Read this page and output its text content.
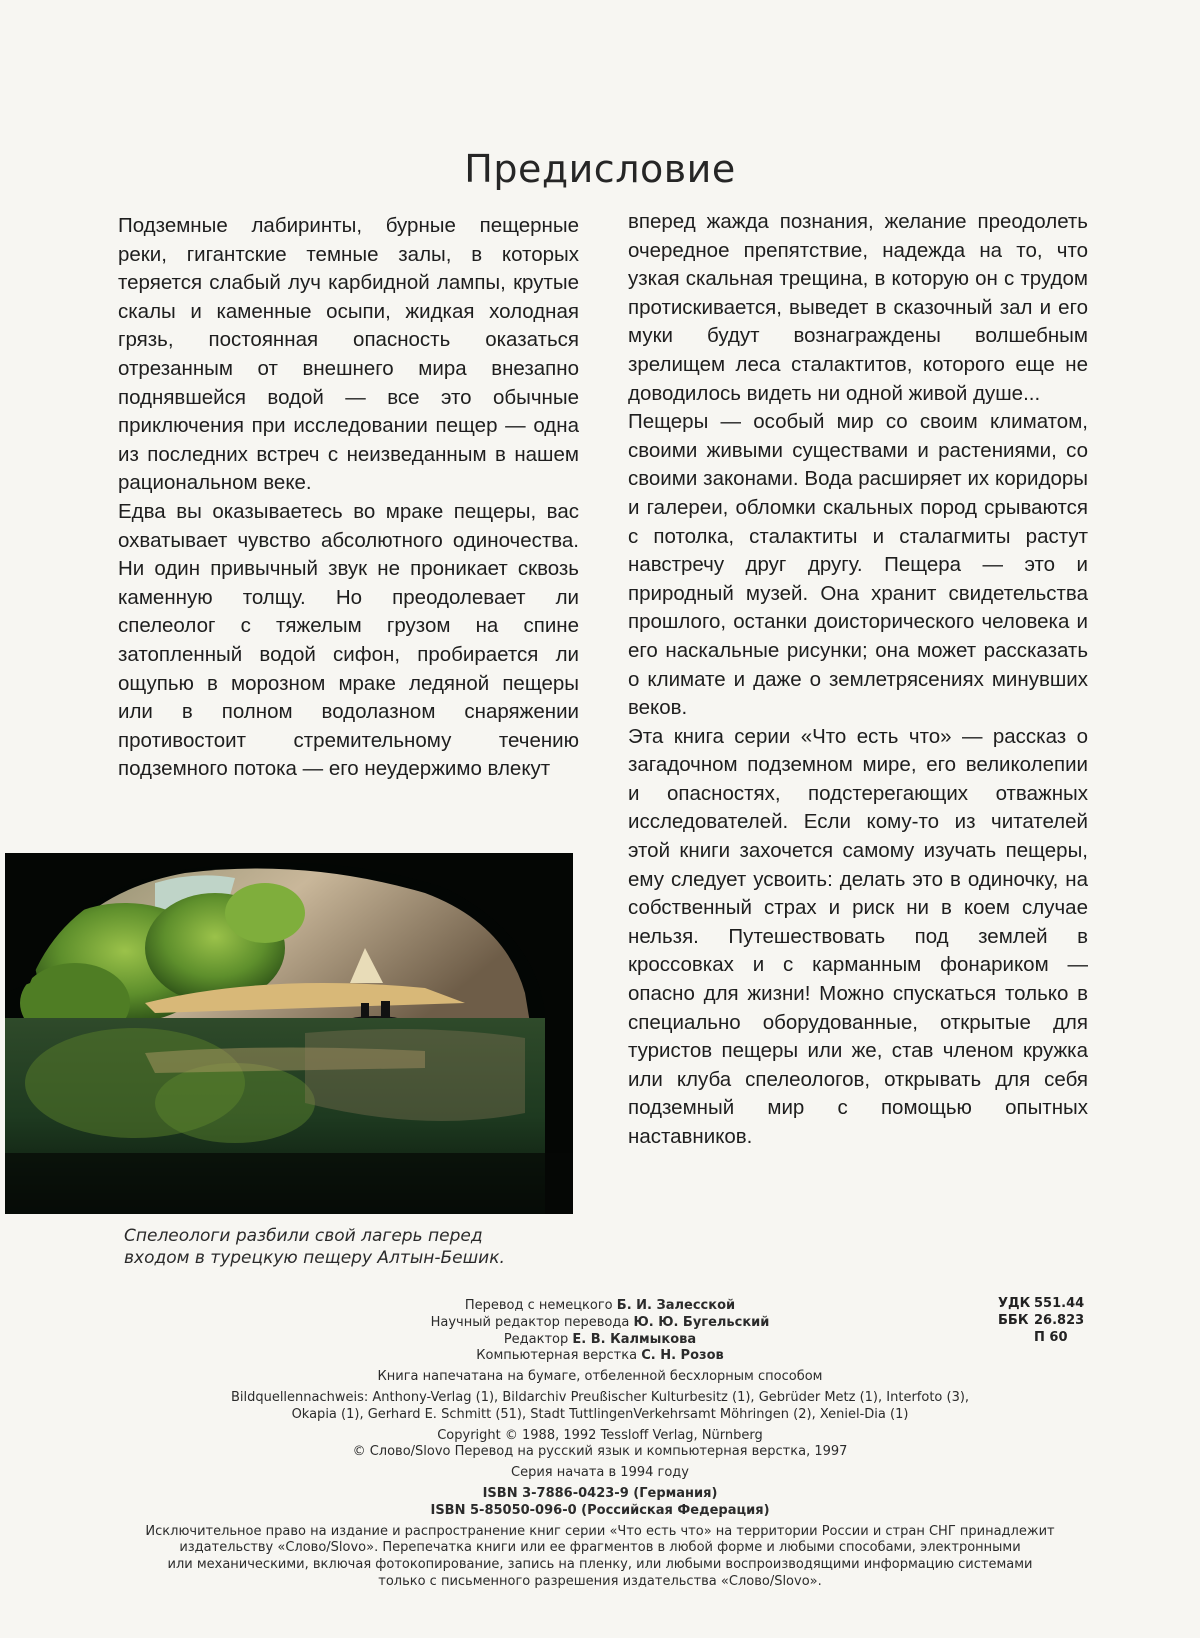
Предисловие

Подземные лабиринты, бурные пещерные реки, гигантские темные залы, в которых теряется слабый луч карбидной лампы, крутые скалы и каменные осыпи, жидкая холодная грязь, постоянная опасность оказаться отрезанным от внешнего мира внезапно поднявшейся водой — все это обычные приключения при исследовании пещер — одна из последних встреч с неизведанным в нашем рациональном веке.

Едва вы оказываетесь во мраке пещеры, вас охватывает чувство абсолютного одиночества. Ни один привычный звук не проникает сквозь каменную толщу. Но преодолевает ли спелеолог с тяжелым грузом на спине затопленный водой сифон, пробирается ли ощупью в морозном мраке ледяной пещеры или в полном водолазном снаряжении противостоит стремительному течению подземного потока — его неудержимо влекут

вперед жажда познания, желание преодолеть очередное препятствие, надежда на то, что узкая скальная трещина, в которую он с трудом протискивается, выведет в сказочный зал и его муки будут вознаграждены волшебным зрелищем леса сталактитов, которого еще не доводилось видеть ни одной живой душе...

Пещеры — особый мир со своим климатом, своими живыми существами и растениями, со своими законами. Вода расширяет их коридоры и галереи, обломки скальных пород срываются с потолка, сталактиты и сталагмиты растут навстречу друг другу. Пещера — это и природный музей. Она хранит свидетельства прошлого, останки доисторического человека и его наскальные рисунки; она может рассказать о климате и даже о землетрясениях минувших веков.

Эта книга серии «Что есть что» — рассказ о загадочном подземном мире, его великолепии и опасностях, подстерегающих отважных исследователей. Если кому-то из читателей этой книги захочется самому изучать пещеры, ему следует усвоить: делать это в одиночку, на собственный страх и риск ни в коем случае нельзя. Путешествовать под землей в кроссовках и с карманным фонариком — опасно для жизни! Можно спускаться только в специально оборудованные, открытые для туристов пещеры или же, став членом кружка или клуба спелеологов, открывать для себя подземный мир с помощью опытных наставников.

Спелеологи разбили свой лагерь перед
входом в турецкую пещеру Алтын-Бешик.
Перевод с немецкого Б. И. Залесской
Научный редактор перевода Ю. Ю. Бугельский
Редактор Е. В. Калмыкова
Компьютерная верстка С. Н. Розов
Книга напечатана на бумаге, отбеленной бесхлорным способом
Bildquellennachweis: Anthony-Verlag (1), Bildarchiv Preußischer Kulturbesitz (1), Gebrüder Metz (1), Interfoto (3),
Okapia (1), Gerhard E. Schmitt (51), Stadt TuttlingenVerkehrsamt Möhringen (2), Xeniel-Dia (1)
Copyright © 1988, 1992 Tessloff Verlag, Nürnberg
© Слово/Slovo Перевод на русский язык и компьютерная верстка, 1997
Серия начата в 1994 году
ISBN 3-7886-0423-9 (Германия)
ISBN 5-85050-096-0 (Российская Федерация)
Исключительное право на издание и распространение книг серии «Что есть что» на территории России и стран СНГ принадлежит
издательству «Слово/Slovo». Перепечатка книги или ее фрагментов в любой форме и любыми способами, электронными
или механическими, включая фотокопирование, запись на пленку, или любыми воспроизводящими информацию системами
только с письменного разрешения издательства «Слово/Slovo».
УДК 551.44
ББК 26.823
П 60
